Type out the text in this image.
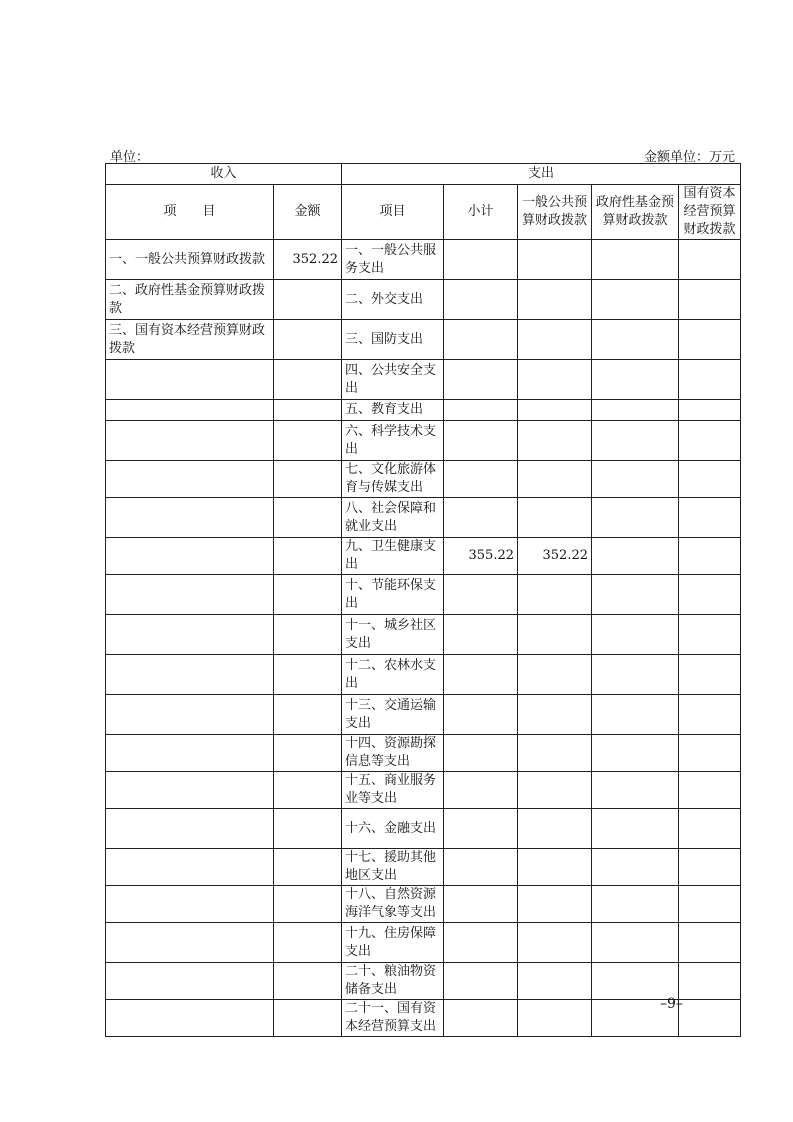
单位：	金额单位：万元
收入		支出				
项　　目	金额	项目	小计	一般公共预算财政拨款	政府性基金预算财政拨款	国有资本经营预算财政拨款
一、一般公共预算财政拨款	352.22	一、一般公共服务支出				
二、政府性基金预算财政拨款		二、外交支出				
三、国有资本经营预算财政拨款		三、国防支出				
		四、公共安全支出				
		五、教育支出				
		六、科学技术支出				
		七、文化旅游体育与传媒支出				
		八、社会保障和就业支出				
		九、卫生健康支出	355.22	352.22		
		十、节能环保支出				
		十一、城乡社区支出				
		十二、农林水支出				
		十三、交通运输支出				
		十四、资源勘探信息等支出				
		十五、商业服务业等支出				
		十六、金融支出				
		十七、援助其他地区支出				
		十八、自然资源海洋气象等支出				
		十九、住房保障支出				
		二十、粮油物资储备支出				
		二十一、国有资本经营预算支出				
–9–
